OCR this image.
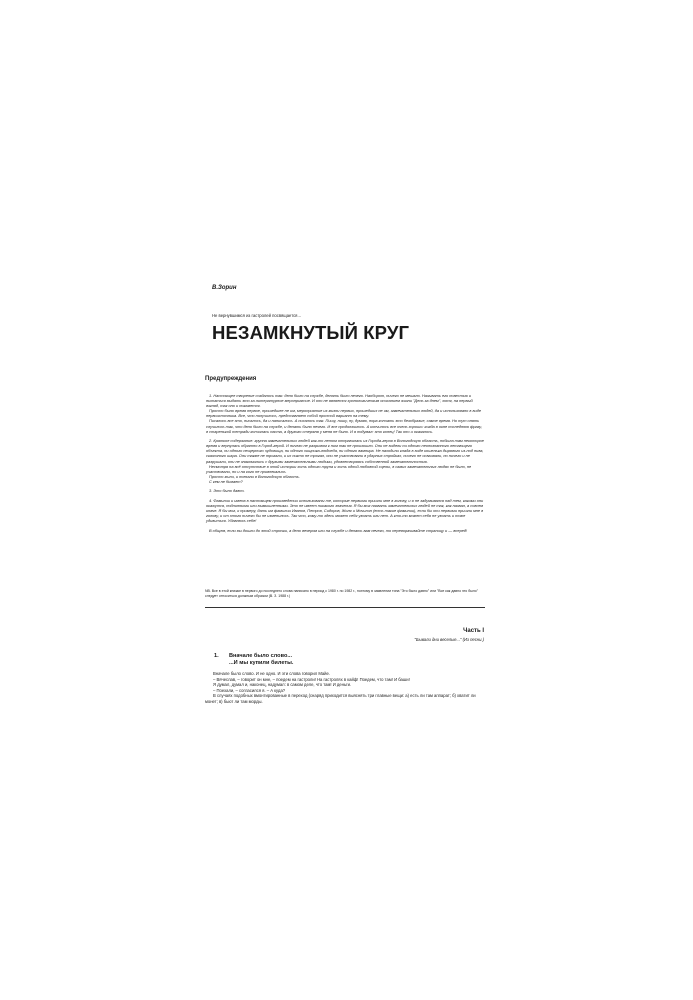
В.Зорин
Не вернувшимся из гастролей посвящается...
НЕЗАМКНУТЫЙ КРУГ
Предупреждения

1. Настоящее творение создалось так: дело было на службе, делать было нечего. Наоборот, ничего не мешало. Называть его повестью и пытаться выдать это за литературное мероприятие. И оно не является хронологическим описанием жизни "День за днем", хотя, на первый взгляд, так оно и покажется.

Просто было время первое, прошедшее не им, мероприятие из жизни первых, прошедших не им, замечательных людей, да и использовано в виде первоисточника. Все, что получилось, представляет собой простой вариант на тему.

Писалось все это, писалось, да и написалось. А писалось так. Пишу, пишу, ну, думаю, пора кончать это безобразие, самое время. Но тут опять случилось так, что дело было на службе, и делать было нечего. И все продолжилось. А кончилось все очень хорошо: когда в окне последнюю фразу, в старенькой тетради кончилась паста, а другого стержня у меня не было. И я подумал: это конец! Так оно и оказалось.

2. Краткое содержание: группа замечательных людей как-то летом отправилась из Города-героя в Вологодскую область, побыла там некоторое время и вернулась обратно в Город-герой. И ничего не разрывом к ним так не произошло. Они не видели ни одного неопознанного летающего объекта, ни одного пещерного чудовища, ни одного хищника-людоеда, ни одного вампира. Не находили клада в виде кошелька дырявого из-под пива, сказочного шара. Они также не трогали, и их никто не трогал, они не участвовали в ударных стройках, ничего не осваивали, но ничего и не разрушали, они не знакомились с другими замечательными людьми, удовлетворяясь собственной замечательностью.

Несмотря на всё отсутствие в этой истории хоть одного трупа и хоть одной любовной сцены, в самих замечательных людях не было, не участвовали, но и на кого не привлекались.

Просто жили, и поехали в Вологодскую область.

С кем не бывает?

3. Это было давно.

4. Фамилии и имена в настоящем произведении использованы те, которые первыми пришли мне в голову, и я не задумывался над тем, какими они окажутся, подлинными или вымышленными. Это не имеет никакого значения. Я бы мог назвать замечательных людей не так, как назвал, а совсем иначе. Я бы мог, к примеру, дать им фамилии Иванов, Петров, Сидоров, Жоля и Мочилин (есть такие фамилии), если бы они первыми пришли мне в голову, и от этого ничего бы не изменилось. Так что, кому-то здесь может себя узнать или нет. А кто-то может себя не узнать и тоже удивиться. Удавлюсь себе!

В общем, если вы дошли до этой строчки, а дело вечером или на службе и делать вам нечего, то переворачивайте страницу и — вперед!

NB. Все в этой книжке в первого до последнего слова написано в период с 1980 г. по 1982 г., поэтому в заявлении типа "Это было давно" или "Все как давно это было" следует относиться должным образом (В. З. 1988 г.)
Часть I
"Бывали дни веселые..." (Из песни.)
1. Вначале было слово...
...И мы купили билеты.

Вначале было слово. И не одно. И эти слова говорил Майе.

– Вячеслав, – говорит он мне, – поедем на гастроли! На гастролях в кайф! Поедем, что там! И баши!

Я думал, думал и, наконец, надумал: в самом деле, что там! И деньги.

– Поехали, – согласился я. – А куда?

В случаях подобных вмонтированные в переход (снаряд приходится выяснять три главные вещи: а) есть ли там аппарат; б) хватит ли монет; в) бьют ли там морды.
